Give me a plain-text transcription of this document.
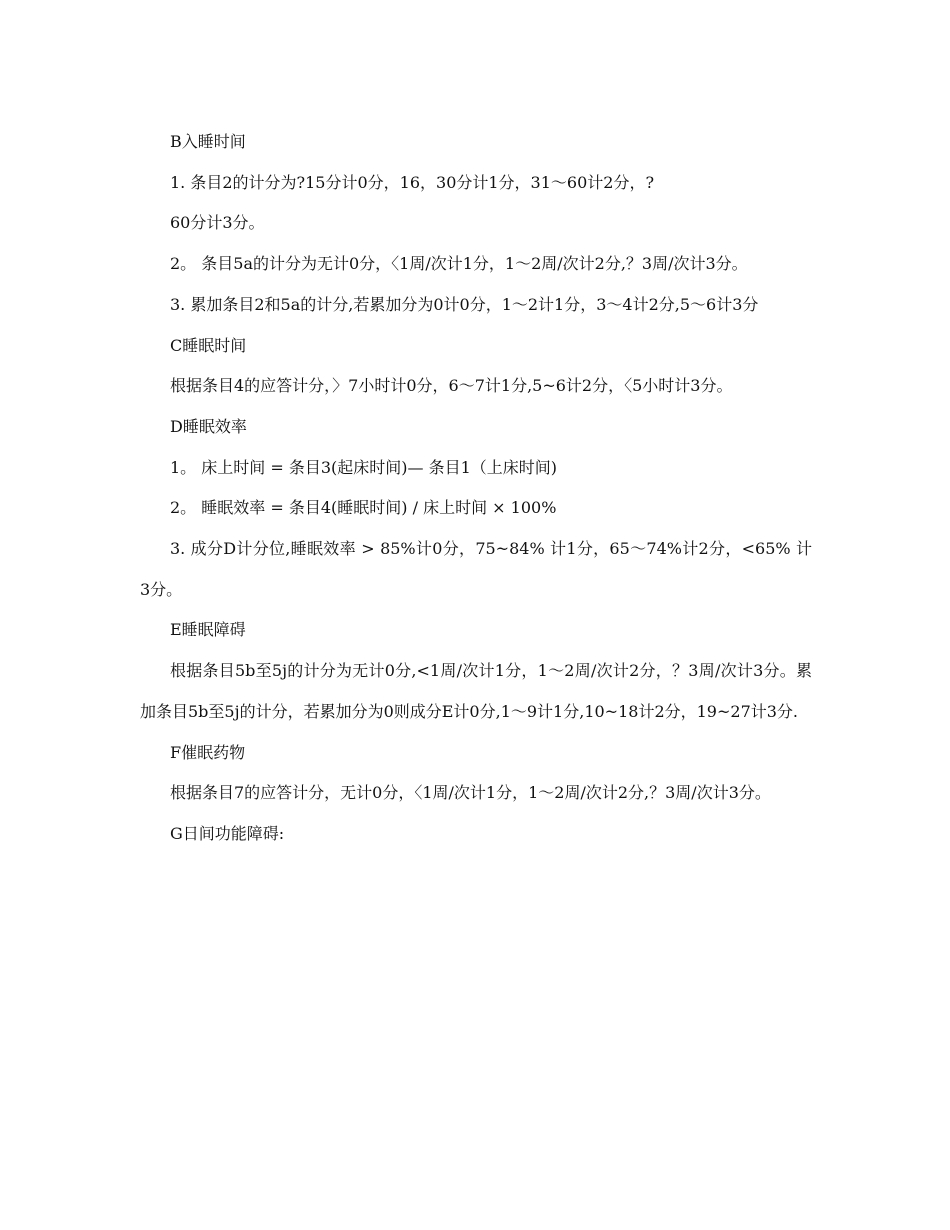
B入睡时间

1. 条目2的计分为?15分计0分，16，30分计1分，31～60计2分，?

60分计3分。

2。 条目5a的计分为无计0分，〈1周/次计1分，1～2周/次计2分,？3周/次计3分。

3. 累加条目2和5a的计分,若累加分为0计0分，1～2计1分，3～4计2分,5～6计3分

C睡眠时间

根据条目4的应答计分，〉7小时计0分，6～7计1分,5~6计2分，〈5小时计3分。

D睡眠效率

1。 床上时间 = 条目3(起床时间)— 条目1（上床时间)

2。 睡眠效率 = 条目4(睡眠时间) / 床上时间 × 100%

3. 成分D计分位,睡眠效率 > 85%计0分，75~84% 计1分，65～74%计2分，<65% 计3分。

E睡眠障碍

根据条目5b至5j的计分为无计0分,<1周/次计1分，1～2周/次计2分，？3周/次计3分。累加条目5b至5j的计分，若累加分为0则成分E计0分,1～9计1分,10~18计2分，19~27计3分.

F催眠药物

根据条目7的应答计分，无计0分，〈1周/次计1分，1～2周/次计2分,？3周/次计3分。

G日间功能障碍:
